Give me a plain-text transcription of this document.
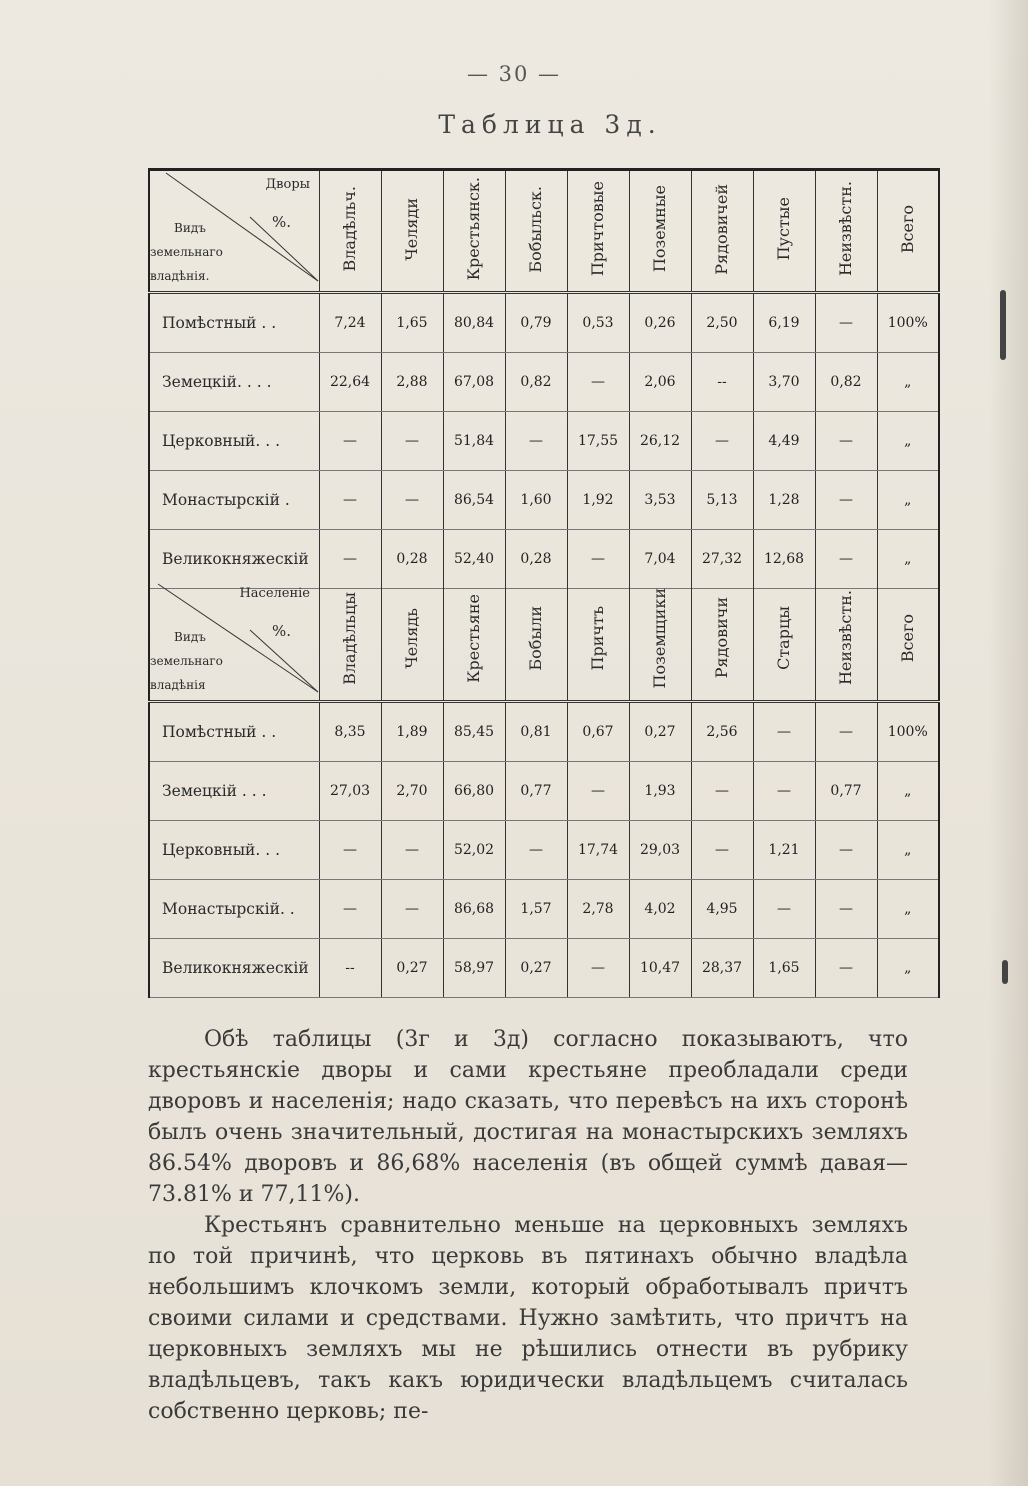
— 30 —
Таблица 3д.
Дворы
%.
Видъ
земельнаго
владѣнія.	Владѣльч.	Челяди	Крестьянск.	Бобыльск.	Причтовые	Поземные	Рядовичей	Пустые	Неизвѣстн.	Всего
Помѣстный . .	7,24	1,65	80,84	0,79	0,53	0,26	2,50	6,19	—	100%
Земецкій. . . .	22,64	2,88	67,08	0,82	—	2,06	--	3,70	0,82	„
Церковный. . .	—	—	51,84	—	17,55	26,12	—	4,49	—	„
Монастырскій .	—	—	86,54	1,60	1,92	3,53	5,13	1,28	—	„
Великокняжескій	—	0,28	52,40	0,28	—	7,04	27,32	12,68	—	„
Населеніе
%.
Видъ
земельнаго
владѣнія	Владѣльцы	Челядь	Крестьяне	Бобыли	Причтъ	Поземщики	Рядовичи	Старцы	Неизвѣстн.	Всего
Помѣстный . .	8,35	1,89	85,45	0,81	0,67	0,27	2,56	—	—	100%
Земецкій . . .	27,03	2,70	66,80	0,77	—	1,93	—	—	0,77	„
Церковный. . .	—	—	52,02	—	17,74	29,03	—	1,21	—	„
Монастырскій. .	—	—	86,68	1,57	2,78	4,02	4,95	—	—	„
Великокняжескій	--	0,27	58,97	0,27	—	10,47	28,37	1,65	—	„

Обѣ таблицы (3г и 3д) согласно показываютъ, что крестьянскіе дворы и сами крестьяне преобладали среди дворовъ и населенія; надо сказать, что перевѣсъ на ихъ сторонѣ былъ очень значительный, достигая на монастырскихъ земляхъ 86.54% дворовъ и 86,68% населенія (въ общей суммѣ давая—73.81% и 77,11%).

Крестьянъ сравнительно меньше на церковныхъ земляхъ по той причинѣ, что церковь въ пятинахъ обычно владѣла небольшимъ клочкомъ земли, который обработывалъ причтъ своими силами и средствами. Нужно замѣтить, что причтъ на церковныхъ земляхъ мы не рѣшились отнести въ рубрику владѣльцевъ, такъ какъ юридически владѣльцемъ считалась собственно церковь; пе-
